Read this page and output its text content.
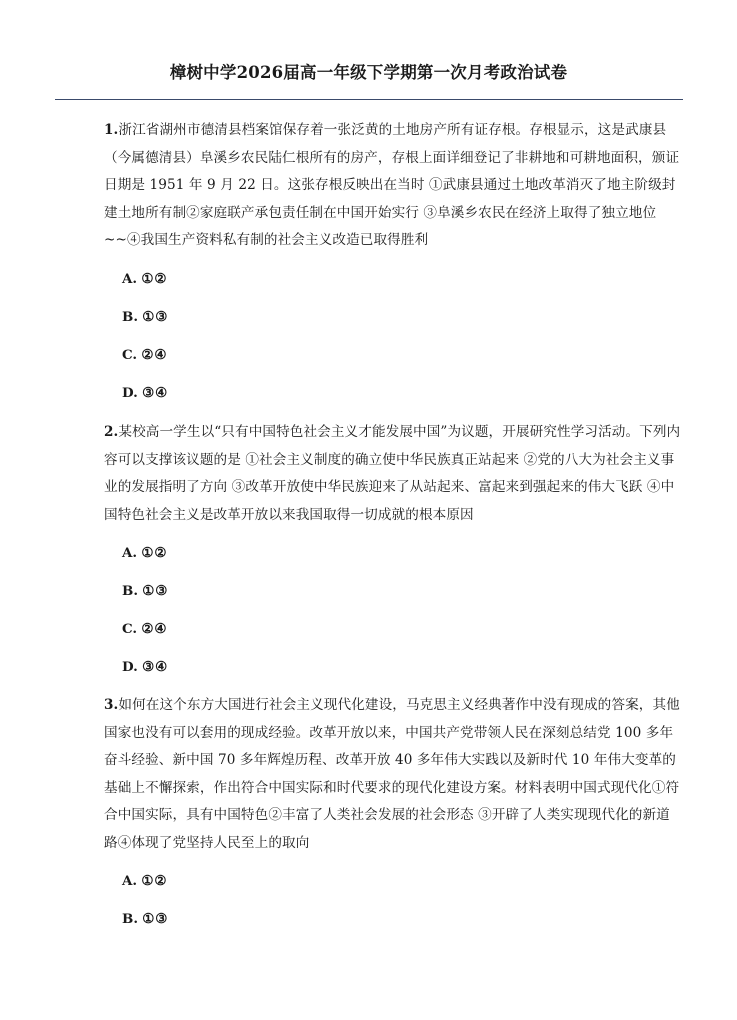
樟树中学2026届高一年级下学期第一次月考政治试卷
1.浙江省湖州市德清县档案馆保存着一张泛黄的土地房产所有证存根。存根显示，这是武康县（今属德清县）阜溪乡农民陆仁根所有的房产，存根上面详细登记了非耕地和可耕地面积，颁证日期是 1951 年 9 月 22 日。这张存根反映出在当时 ①武康县通过土地改革消灭了地主阶级封建土地所有制②家庭联产承包责任制在中国开始实行 ③阜溪乡农民在经济上取得了独立地位~~④我国生产资料私有制的社会主义改造已取得胜利
A. ①②
B. ①③
C. ②④
D. ③④
2.某校高一学生以“只有中国特色社会主义才能发展中国”为议题，开展研究性学习活动。下列内容可以支撑该议题的是 ①社会主义制度的确立使中华民族真正站起来 ②党的八大为社会主义事业的发展指明了方向 ③改革开放使中华民族迎来了从站起来、富起来到强起来的伟大飞跃 ④中国特色社会主义是改革开放以来我国取得一切成就的根本原因
A. ①②
B. ①③
C. ②④
D. ③④
3.如何在这个东方大国进行社会主义现代化建设，马克思主义经典著作中没有现成的答案，其他国家也没有可以套用的现成经验。改革开放以来，中国共产党带领人民在深刻总结党 100 多年奋斗经验、新中国 70 多年辉煌历程、改革开放 40 多年伟大实践以及新时代 10 年伟大变革的基础上不懈探索，作出符合中国实际和时代要求的现代化建设方案。材料表明中国式现代化①符合中国实际，具有中国特色②丰富了人类社会发展的社会形态 ③开辟了人类实现现代化的新道路④体现了党坚持人民至上的取向
A. ①②
B. ①③
